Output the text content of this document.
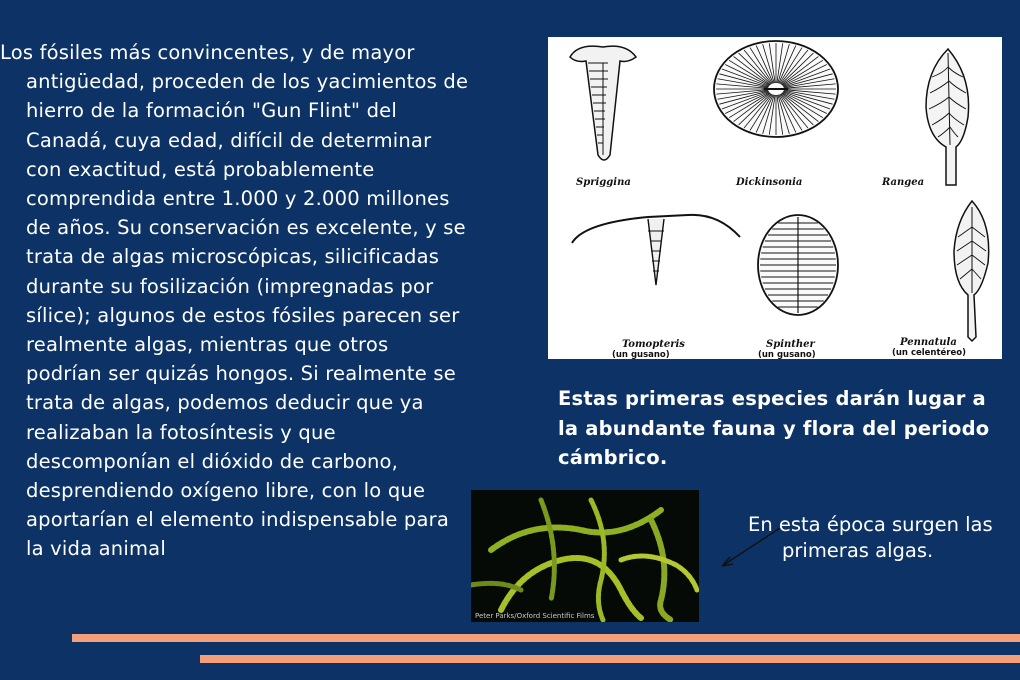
Los fósiles más convincentes, y de mayor antigüedad, proceden de los yacimientos de hierro de la formación "Gun Flint" del Canadá, cuya edad, difícil de determinar con exactitud, está probablemente comprendida entre 1.000 y 2.000 millones de años. Su conservación es excelente, y se trata de algas microscópicas, silicificadas durante su fosilización (impregnadas por sílice); algunos de estos fósiles parecen ser realmente algas, mientras que otros podrían ser quizás hongos. Si realmente se trata de algas, podemos deducir que ya realizaban la fotosíntesis y que descomponían el dióxido de carbono, desprendiendo oxígeno libre, con lo que aportarían el elemento indispensable para la vida animal

Spriggina	Dickinsonia	Rangea
Tomopteris
(un gusano)
Spinther
(un gusano)
Pennatula
(un celentéreo)

Estas primeras especies darán lugar a la abundante fauna y flora del periodo cámbrico.

Peter Parks/Oxford Scientific Films

En esta época surgen las primeras algas.
